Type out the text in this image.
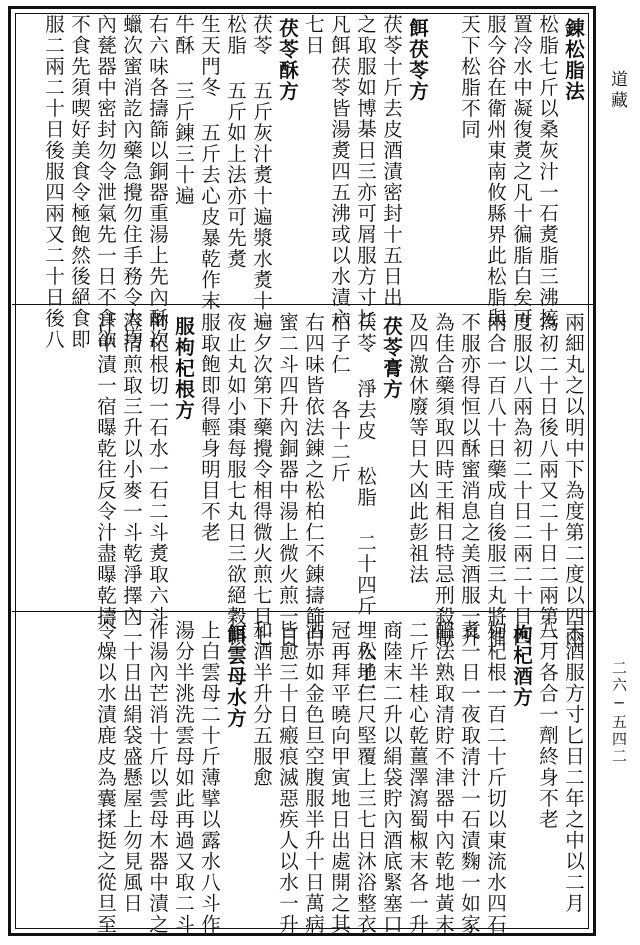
錬松脂法
松脂七斤以桑灰汁一石煑脂三沸接
置冷水中凝復煑之凡十徧脂白矣可
服今谷在衛州東南攸縣界此松脂與
天下松脂不同
餌茯苓方
茯苓十斤去皮酒漬密封十五日出
之取服如博棊日三亦可屑服方寸匕
凡餌茯苓皆湯煑四五沸或以水漬六
七日
茯苓酥方
茯苓 五斤灰汁煑十遍漿水煑十遍
松脂 五斤如上法亦可先煑
生天門冬 五斤去心皮暴乾作末
牛酥 三斤錬三十遍
右六味各擣篩以銅器重湯上先內酥次
蠟次蜜消訖內藥急攪勿住手務令大均
內甆器中密封勿令泄氣先一日不食欲
不食先須喫好美食令極飽然後絕食即
服二兩二十日後服四兩又二十日後八
兩細丸之以明中下為度第二度以四兩
為初二十日後八兩又二十日二兩第三
度服以八兩為初二十日二兩二十日四
兩合一百八十日藥成自後服三丸將補
不服亦得恒以酥蜜消息之美酒服一升
為佳合藥須取四時王相日特忌刑殺厭
及四激休廢等日大凶此彭祖法
茯苓膏方
茯苓 淨去皮 松脂 二十四斤 松子仁
柏子仁 各十二斤
右四味皆依法錬之松柏仁不錬擣篩白
蜜二斗四升內銅器中湯上微火煎一日
一夕次第下藥攪令相得微火煎七日七
夜止丸如小棗每服七丸日三欲絕穀頓
服取飽即得輕身明目不老
服枸杞根方
枸杞根切一石水一石二斗煑取六斗
澄清煎取三升以小麥一斗乾淨擇內
汁中漬一宿曝乾往反令汁盡曝乾擣
末酒服方寸匕日二年之中以二月
八月各合一劑終身不老
枸杞酒方
枸杞根一百二十斤切以東流水四石
煑一日一夜取清汁一石漬麴一如家
醞法熟取清貯不津器中內乾地黃末
二斤半桂心乾薑澤瀉蜀椒末各一升
商陸末二升以絹袋貯內酒底緊塞口
埋入地三尺堅覆上三七日沐浴整衣
冠再拜平曉向甲寅地日出處開之其
酒赤如金色旦空腹服半升十日萬病
皆愈三十日瘢痕滅惡疾人以水一升
和酒半升分五服愈
餌雲母水方
上白雲母二十斤薄擘以露水八斗作
湯分半洮洗雲母如此再過又取二斗
作湯內芒消十斤以雲母木器中漬之
二十日出絹袋盛懸屋上勿見風日
令燥以水漬鹿皮為囊揉挺之從旦至
道藏
二六─五四二
